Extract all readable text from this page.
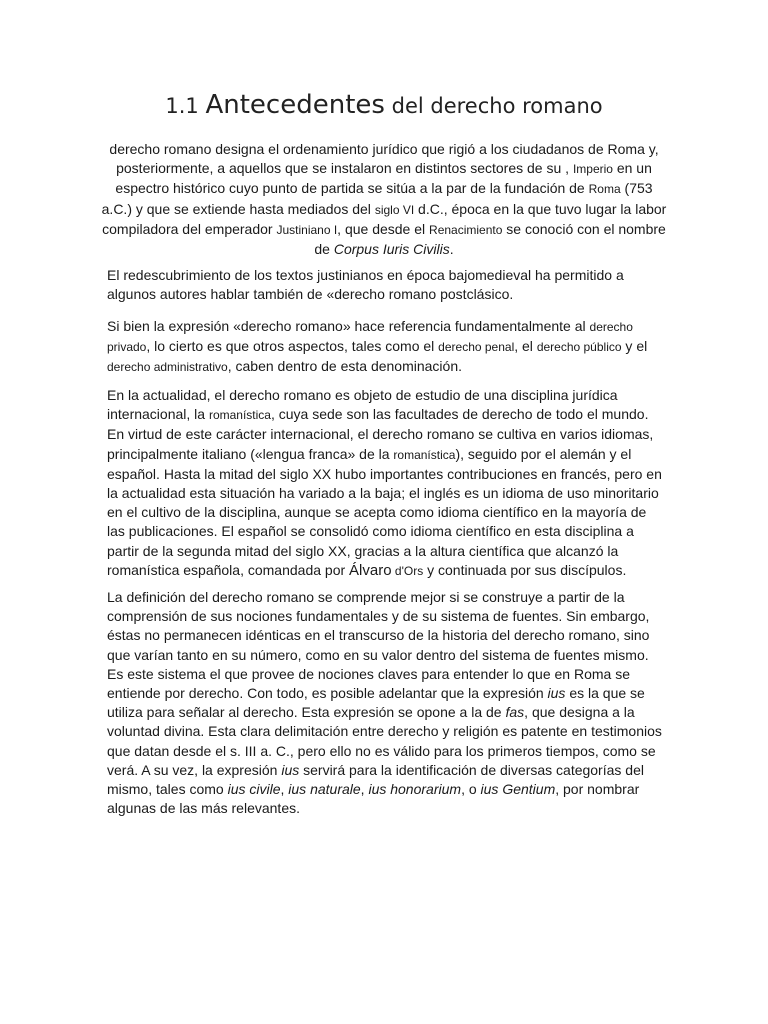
1.1 Antecedentes del derecho romano

derecho romano designa el ordenamiento jurídico que rigió a los ciudadanos de Roma y, posteriormente, a aquellos que se instalaron en distintos sectores de su , Imperio en un espectro histórico cuyo punto de partida se sitúa a la par de la fundación de Roma (753 a.C.) y que se extiende hasta mediados del siglo VI d.C., época en la que tuvo lugar la labor compiladora del emperador Justiniano I, que desde el Renacimiento se conoció con el nombre de Corpus Iuris Civilis.

El redescubrimiento de los textos justinianos en época bajomedieval ha permitido a algunos autores hablar también de «derecho romano postclásico.

Si bien la expresión «derecho romano» hace referencia fundamentalmente al derecho privado, lo cierto es que otros aspectos, tales como el derecho penal, el derecho público y el derecho administrativo, caben dentro de esta denominación.

En la actualidad, el derecho romano es objeto de estudio de una disciplina jurídica internacional, la romanística, cuya sede son las facultades de derecho de todo el mundo. En virtud de este carácter internacional, el derecho romano se cultiva en varios idiomas, principalmente italiano («lengua franca» de la romanística), seguido por el alemán y el español. Hasta la mitad del siglo XX hubo importantes contribuciones en francés, pero en la actualidad esta situación ha variado a la baja; el inglés es un idioma de uso minoritario en el cultivo de la disciplina, aunque se acepta como idioma científico en la mayoría de las publicaciones. El español se consolidó como idioma científico en esta disciplina a partir de la segunda mitad del siglo XX, gracias a la altura científica que alcanzó la romanística española, comandada por Álvaro d'Ors y continuada por sus discípulos.

La definición del derecho romano se comprende mejor si se construye a partir de la comprensión de sus nociones fundamentales y de su sistema de fuentes. Sin embargo, éstas no permanecen idénticas en el transcurso de la historia del derecho romano, sino que varían tanto en su número, como en su valor dentro del sistema de fuentes mismo. Es este sistema el que provee de nociones claves para entender lo que en Roma se entiende por derecho. Con todo, es posible adelantar que la expresión ius es la que se utiliza para señalar al derecho. Esta expresión se opone a la de fas, que designa a la voluntad divina. Esta clara delimitación entre derecho y religión es patente en testimonios que datan desde el s. III a. C., pero ello no es válido para los primeros tiempos, como se verá. A su vez, la expresión ius servirá para la identificación de diversas categorías del mismo, tales como ius civile, ius naturale, ius honorarium, o ius Gentium, por nombrar algunas de las más relevantes.
